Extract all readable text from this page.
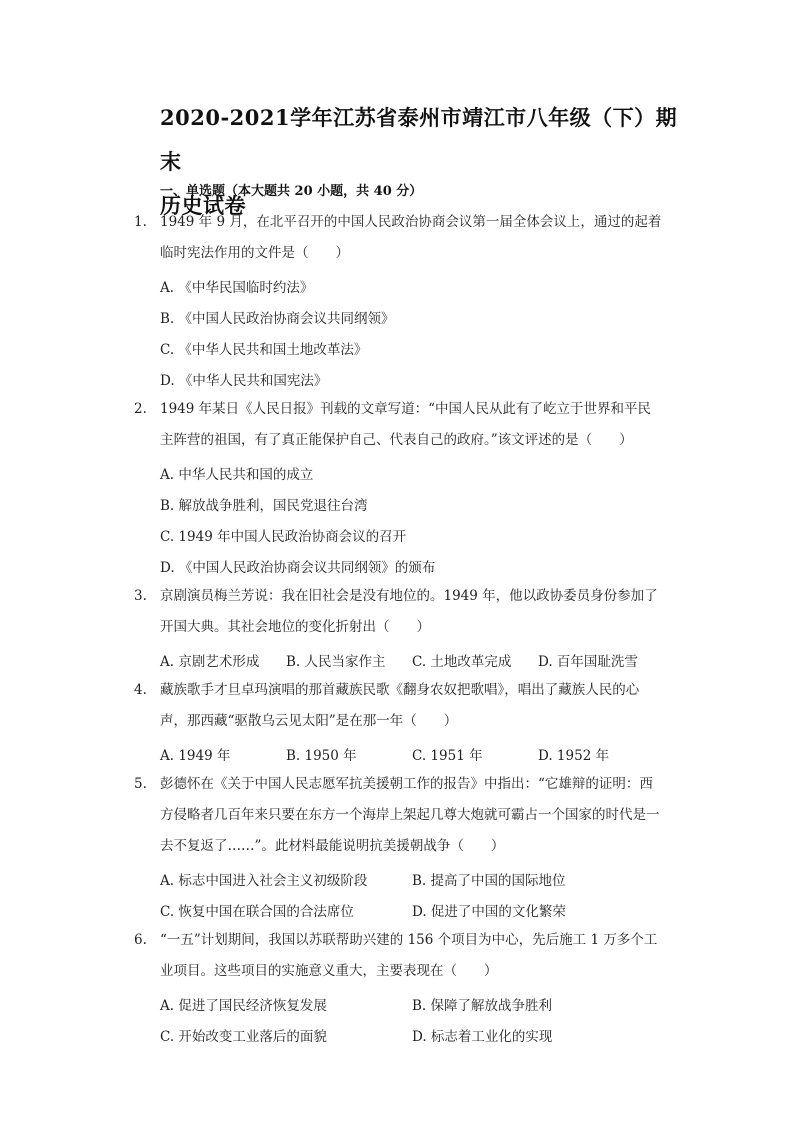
2020-2021学年江苏省泰州市靖江市八年级（下）期末
历史试卷
一、单选题（本大题共 20 小题，共 40 分）
1. 1949 年 9 月，在北平召开的中国人民政治协商会议第一届全体会议上，通过的起着临时宪法作用的文件是（　　）
A. 《中华民国临时约法》
B. 《中国人民政治协商会议共同纲领》
C. 《中华人民共和国土地改革法》
D. 《中华人民共和国宪法》
2. 1949 年某日《人民日报》刊载的文章写道：“中国人民从此有了屹立于世界和平民主阵营的祖国，有了真正能保护自己、代表自己的政府。”该文评述的是（　　）
A. 中华人民共和国的成立
B. 解放战争胜利，国民党退往台湾
C. 1949 年中国人民政治协商会议的召开
D. 《中国人民政治协商会议共同纲领》的颁布
3. 京剧演员梅兰芳说：我在旧社会是没有地位的。1949 年，他以政协委员身份参加了开国大典。其社会地位的变化折射出（　　）
A. 京剧艺术形成 B. 人民当家作主 C. 土地改革完成 D. 百年国耻洗雪
4. 藏族歌手才旦卓玛演唱的那首藏族民歌《翻身农奴把歌唱》，唱出了藏族人民的心声，那西藏“驱散乌云见太阳”是在那一年（　　）
A. 1949 年	B. 1950 年	C. 1951 年	D. 1952 年
5. 彭德怀在《关于中国人民志愿军抗美援朝工作的报告》中指出：“它雄辩的证明：西方侵略者几百年来只要在东方一个海岸上架起几尊大炮就可霸占一个国家的时代是一去不复返了……”。此材料最能说明抗美援朝战争（　　）
A. 标志中国进入社会主义初级阶段	B. 提高了中国的国际地位
C. 恢复中国在联合国的合法席位	D. 促进了中国的文化繁荣
6. “一五”计划期间，我国以苏联帮助兴建的 156 个项目为中心，先后施工 1 万多个工业项目。这些项目的实施意义重大，主要表现在（　　）
A. 促进了国民经济恢复发展	B. 保障了解放战争胜利
C. 开始改变工业落后的面貌	D. 标志着工业化的实现
